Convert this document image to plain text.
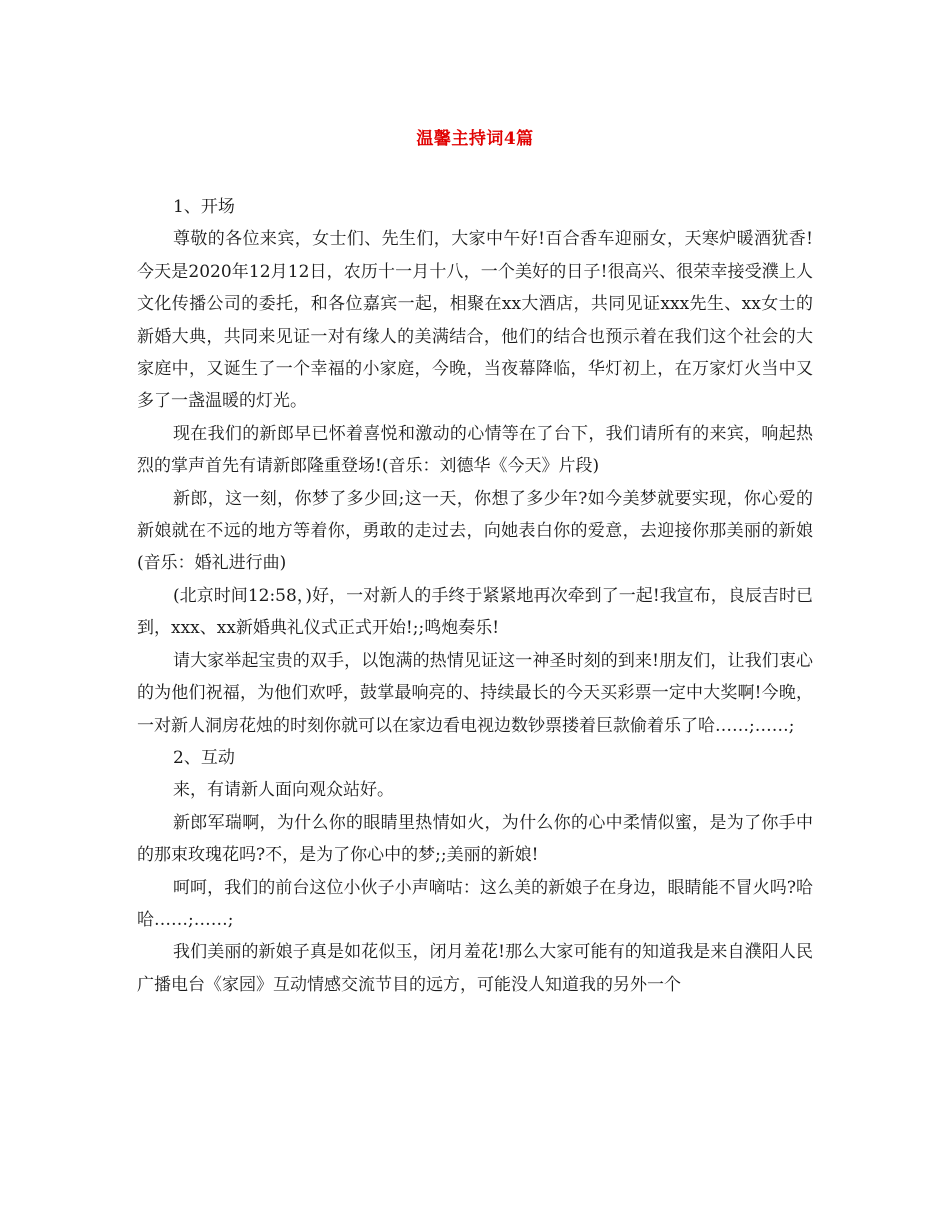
温馨主持词4篇

1、开场

尊敬的各位来宾，女士们、先生们，大家中午好!百合香车迎丽女，天寒炉暖酒犹香!今天是2020年12月12日，农历十一月十八，一个美好的日子!很高兴、很荣幸接受濮上人文化传播公司的委托，和各位嘉宾一起，相聚在xx大酒店，共同见证xxx先生、xx女士的新婚大典，共同来见证一对有缘人的美满结合，他们的结合也预示着在我们这个社会的大家庭中，又诞生了一个幸福的小家庭，今晚，当夜幕降临，华灯初上，在万家灯火当中又多了一盏温暖的灯光。

现在我们的新郎早已怀着喜悦和激动的心情等在了台下，我们请所有的来宾，响起热烈的掌声首先有请新郎隆重登场!(音乐：刘德华《今天》片段)

新郎，这一刻，你梦了多少回;这一天，你想了多少年?如今美梦就要实现，你心爱的新娘就在不远的地方等着你，勇敢的走过去，向她表白你的爱意，去迎接你那美丽的新娘(音乐：婚礼进行曲)

(北京时间12:58，)好，一对新人的手终于紧紧地再次牵到了一起!我宣布，良辰吉时已到，xxx、xx新婚典礼仪式正式开始!;;鸣炮奏乐!

请大家举起宝贵的双手，以饱满的热情见证这一神圣时刻的到来!朋友们，让我们衷心的为他们祝福，为他们欢呼，鼓掌最响亮的、持续最长的今天买彩票一定中大奖啊!今晚，一对新人洞房花烛的时刻你就可以在家边看电视边数钞票搂着巨款偷着乐了哈……;……;

2、互动

来，有请新人面向观众站好。

新郎军瑞啊，为什么你的眼睛里热情如火，为什么你的心中柔情似蜜，是为了你手中的那束玫瑰花吗?不，是为了你心中的梦;;美丽的新娘!

呵呵，我们的前台这位小伙子小声嘀咕：这么美的新娘子在身边，眼睛能不冒火吗?哈哈……;……;

我们美丽的新娘子真是如花似玉，闭月羞花!那么大家可能有的知道我是来自濮阳人民广播电台《家园》互动情感交流节目的远方，可能没人知道我的另外一个
